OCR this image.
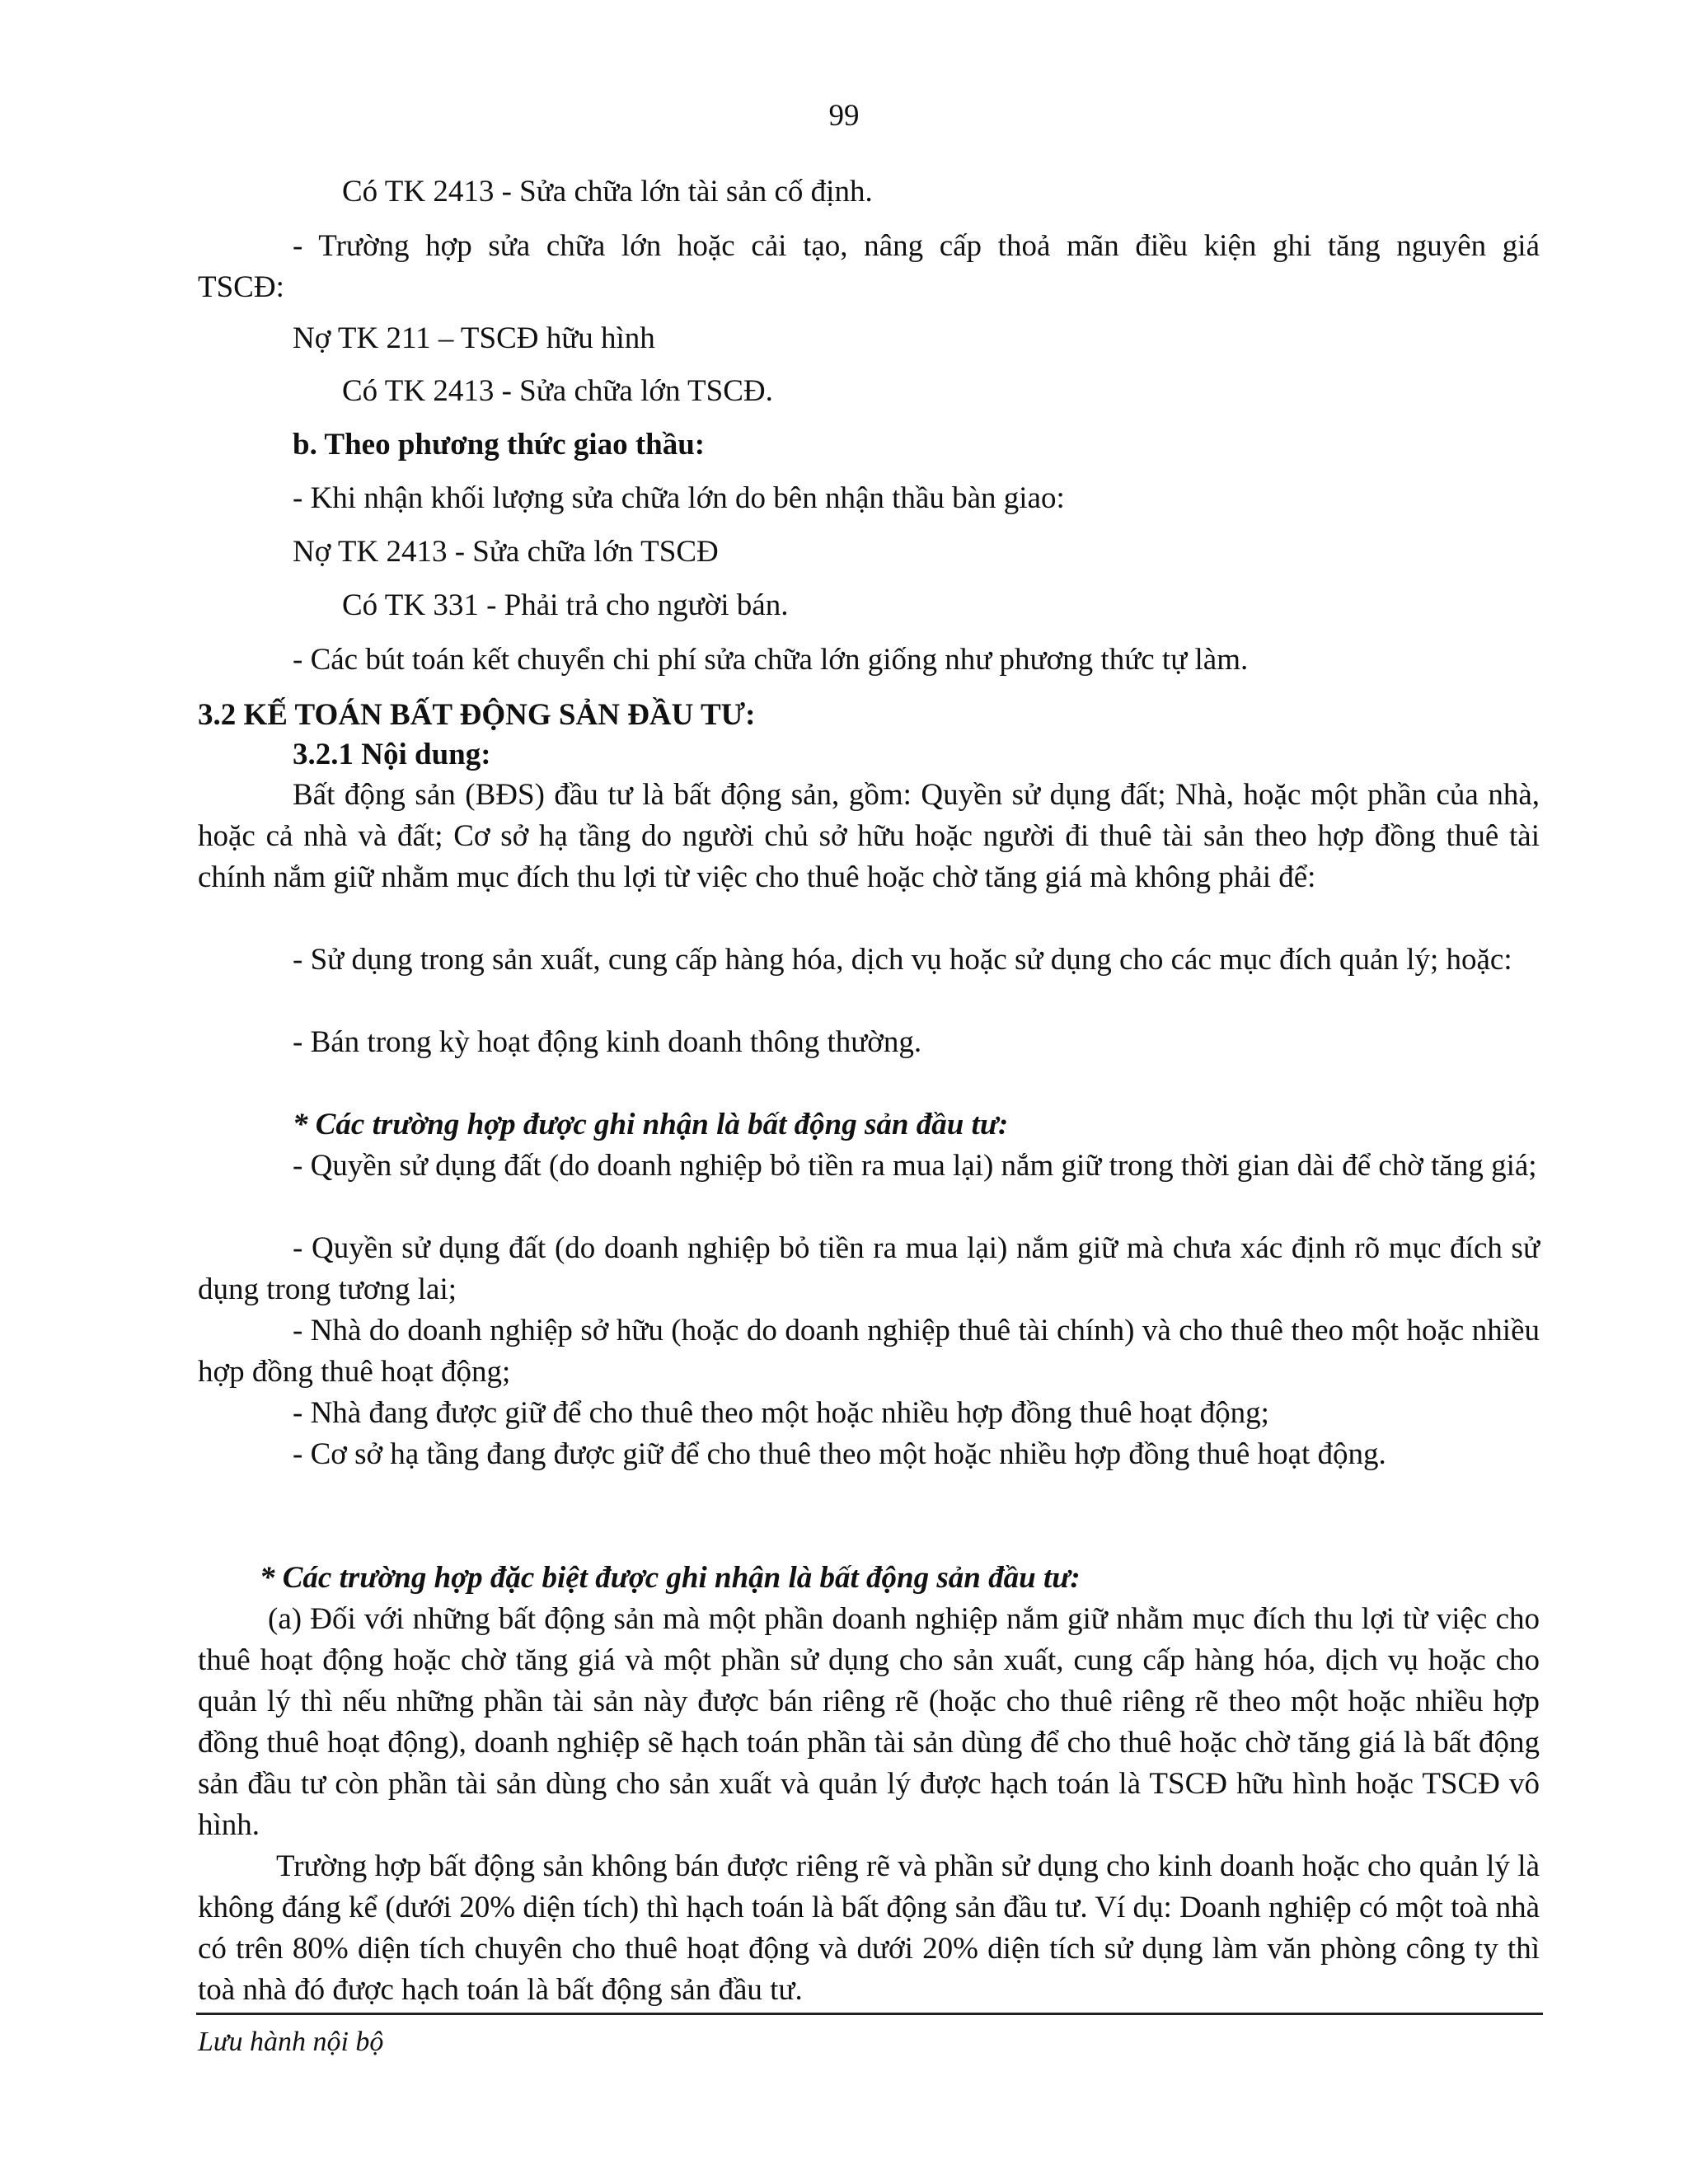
99
Có TK 2413 - Sửa chữa lớn tài sản cố định.
- Trường hợp sửa chữa lớn hoặc cải tạo, nâng cấp thoả mãn điều kiện ghi tăng nguyên giá
TSCĐ:
Nợ TK 211 – TSCĐ hữu hình
Có TK 2413 - Sửa chữa lớn TSCĐ.
b. Theo phương thức giao thầu:
- Khi nhận khối lượng sửa chữa lớn do bên nhận thầu bàn giao:
Nợ TK 2413 - Sửa chữa lớn TSCĐ
Có TK 331 - Phải trả cho người bán.
- Các bút toán kết chuyển chi phí sửa chữa lớn giống như phương thức tự làm.
3.2 KẾ TOÁN BẤT ĐỘNG SẢN ĐẦU TƯ:
3.2.1 Nội dung:
Bất động sản (BĐS) đầu tư là bất động sản, gồm: Quyền sử dụng đất; Nhà, hoặc một phần của nhà, hoặc cả nhà và đất; Cơ sở hạ tầng do người chủ sở hữu hoặc người đi thuê tài sản theo hợp đồng thuê tài chính nắm giữ nhằm mục đích thu lợi từ việc cho thuê hoặc chờ tăng giá mà không phải để:
- Sử dụng trong sản xuất, cung cấp hàng hóa, dịch vụ hoặc sử dụng cho các mục đích quản lý; hoặc:
- Bán trong kỳ hoạt động kinh doanh thông thường.
* Các trường hợp được ghi nhận là bất động sản đầu tư:
- Quyền sử dụng đất (do doanh nghiệp bỏ tiền ra mua lại) nắm giữ trong thời gian dài để chờ tăng giá;
- Quyền sử dụng đất (do doanh nghiệp bỏ tiền ra mua lại) nắm giữ mà chưa xác định rõ mục đích sử dụng trong tương lai;
- Nhà do doanh nghiệp sở hữu (hoặc do doanh nghiệp thuê tài chính) và cho thuê theo một hoặc nhiều hợp đồng thuê hoạt động;
- Nhà đang được giữ để cho thuê theo một hoặc nhiều hợp đồng thuê hoạt động;
- Cơ sở hạ tầng đang được giữ để cho thuê theo một hoặc nhiều hợp đồng thuê hoạt động.
* Các trường hợp đặc biệt được ghi nhận là bất động sản đầu tư:
(a) Đối với những bất động sản mà một phần doanh nghiệp nắm giữ nhằm mục đích thu lợi từ việc cho thuê hoạt động hoặc chờ tăng giá và một phần sử dụng cho sản xuất, cung cấp hàng hóa, dịch vụ hoặc cho quản lý thì nếu những phần tài sản này được bán riêng rẽ (hoặc cho thuê riêng rẽ theo một hoặc nhiều hợp đồng thuê hoạt động), doanh nghiệp sẽ hạch toán phần tài sản dùng để cho thuê hoặc chờ tăng giá là bất động sản đầu tư còn phần tài sản dùng cho sản xuất và quản lý được hạch toán là TSCĐ hữu hình hoặc TSCĐ vô hình.
Trường hợp bất động sản không bán được riêng rẽ và phần sử dụng cho kinh doanh hoặc cho quản lý là không đáng kể (dưới 20% diện tích) thì hạch toán là bất động sản đầu tư. Ví dụ: Doanh nghiệp có một toà nhà có trên 80% diện tích chuyên cho thuê hoạt động và dưới 20% diện tích sử dụng làm văn phòng công ty thì toà nhà đó được hạch toán là bất động sản đầu tư.
Lưu hành nội bộ
